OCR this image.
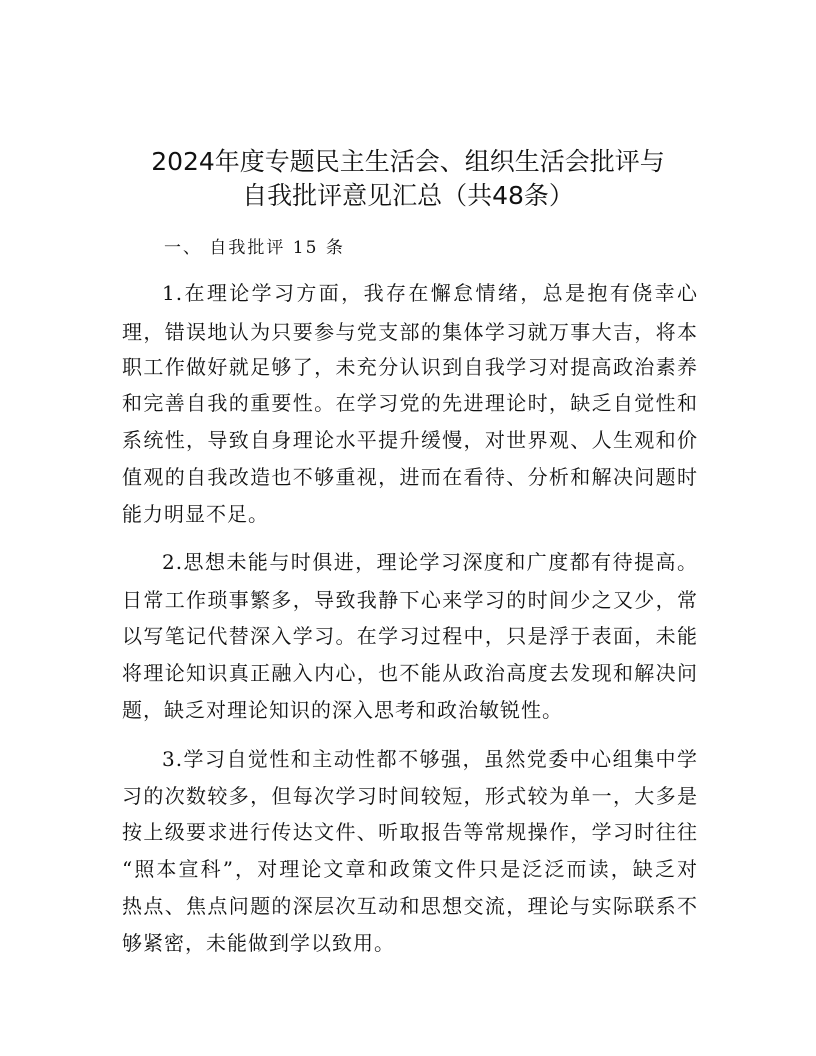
2024年度专题民主生活会、组织生活会批评与
自我批评意见汇总（共48条）
一、 自我批评 15 条
1.在理论学习方面，我存在懈怠情绪，总是抱有侥幸心
理，错误地认为只要参与党支部的集体学习就万事大吉，将本
职工作做好就足够了，未充分认识到自我学习对提高政治素养
和完善自我的重要性。在学习党的先进理论时，缺乏自觉性和
系统性，导致自身理论水平提升缓慢，对世界观、人生观和价
值观的自我改造也不够重视，进而在看待、分析和解决问题时
能力明显不足。
2.思想未能与时俱进，理论学习深度和广度都有待提高。
日常工作琐事繁多，导致我静下心来学习的时间少之又少，常
以写笔记代替深入学习。在学习过程中，只是浮于表面，未能
将理论知识真正融入内心，也不能从政治高度去发现和解决问
题，缺乏对理论知识的深入思考和政治敏锐性。
3.学习自觉性和主动性都不够强，虽然党委中心组集中学
习的次数较多，但每次学习时间较短，形式较为单一，大多是
按上级要求进行传达文件、听取报告等常规操作，学习时往往
“照本宣科”，对理论文章和政策文件只是泛泛而读，缺乏对
热点、焦点问题的深层次互动和思想交流，理论与实际联系不
够紧密，未能做到学以致用。
